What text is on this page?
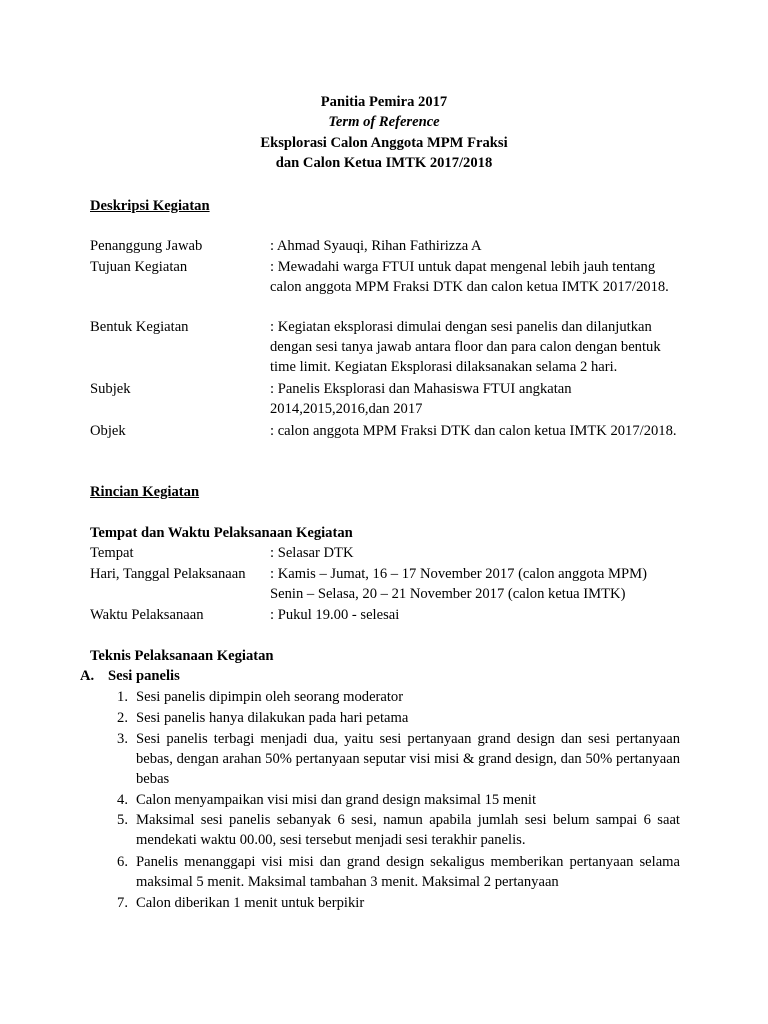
Panitia Pemira 2017
Term of Reference
Eksplorasi Calon Anggota MPM Fraksi
dan Calon Ketua IMTK 2017/2018
Deskripsi Kegiatan
Penanggung Jawab	: Ahmad Syauqi, Rihan Fathirizza A
Tujuan Kegiatan	: Mewadahi warga FTUI untuk dapat mengenal lebih jauh tentang calon anggota MPM Fraksi DTK dan calon ketua IMTK 2017/2018.
Bentuk Kegiatan	: Kegiatan eksplorasi dimulai dengan sesi panelis dan dilanjutkan dengan sesi tanya jawab antara floor dan para calon dengan bentuk time limit. Kegiatan Eksplorasi dilaksanakan selama 2 hari.
Subjek	: Panelis Eksplorasi dan Mahasiswa FTUI angkatan 2014,2015,2016,dan 2017
Objek	: calon anggota MPM Fraksi DTK dan calon ketua IMTK 2017/2018.
Rincian Kegiatan
Tempat dan Waktu Pelaksanaan Kegiatan
Tempat	: Selasar DTK
Hari, Tanggal Pelaksanaan : Kamis – Jumat, 16 – 17 November 2017 (calon anggota MPM)
Senin – Selasa, 20 – 21 November 2017 (calon ketua IMTK)
Waktu Pelaksanaan	: Pukul 19.00 - selesai
Teknis Pelaksanaan Kegiatan
A. Sesi panelis
1. Sesi panelis dipimpin oleh seorang moderator
2. Sesi panelis hanya dilakukan pada hari petama
3. Sesi panelis terbagi menjadi dua, yaitu sesi pertanyaan grand design dan sesi pertanyaan bebas, dengan arahan 50% pertanyaan seputar visi misi & grand design, dan 50% pertanyaan bebas
4. Calon menyampaikan visi misi dan grand design maksimal 15 menit
5. Maksimal sesi panelis sebanyak 6 sesi, namun apabila jumlah sesi belum sampai 6 saat mendekati waktu 00.00, sesi tersebut menjadi sesi terakhir panelis.
6. Panelis menanggapi visi misi dan grand design sekaligus memberikan pertanyaan selama maksimal 5 menit. Maksimal tambahan 3 menit. Maksimal 2 pertanyaan
7. Calon diberikan 1 menit untuk berpikir
